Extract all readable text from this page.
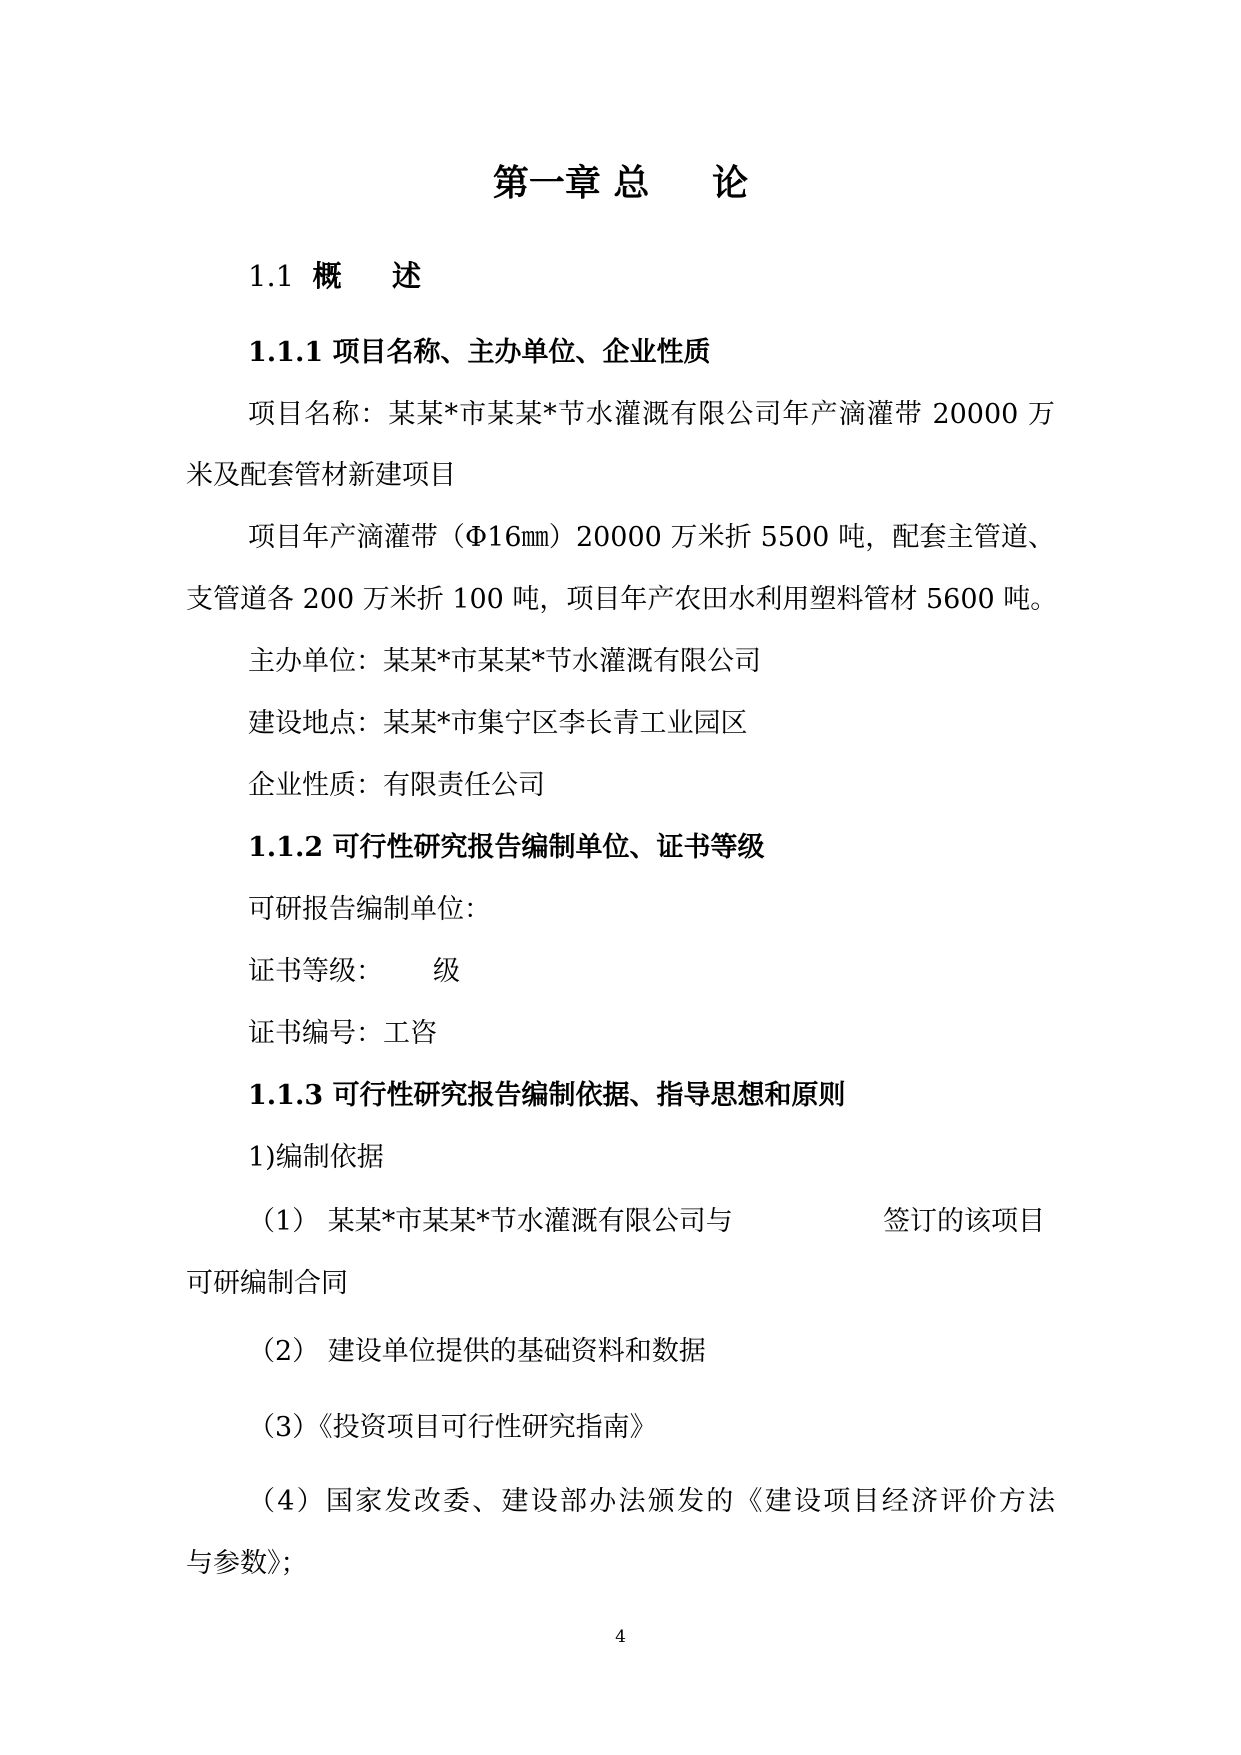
第一章 总     论
1.1 概     述
1.1.1 项目名称、主办单位、企业性质
项目名称：某某*市某某*节水灌溉有限公司年产滴灌带 20000 万
米及配套管材新建项目
项目年产滴灌带（Φ16㎜）20000 万米折 5500 吨，配套主管道、
支管道各 200 万米折 100 吨，项目年产农田水利用塑料管材 5600 吨。
主办单位：某某*市某某*节水灌溉有限公司
建设地点：某某*市集宁区李长青工业园区
企业性质：有限责任公司
1.1.2 可行性研究报告编制单位、证书等级
可研报告编制单位：
证书等级： 级
证书编号：工咨
1.1.3 可行性研究报告编制依据、指导思想和原则
1)编制依据
（1） 某某*市某某*节水灌溉有限公司与	签订的该项目
可研编制合同
（2） 建设单位提供的基础资料和数据
（3）《投资项目可行性研究指南》
（4）国家发改委、建设部办法颁发的《建设项目经济评价方法
与参数》；
4
